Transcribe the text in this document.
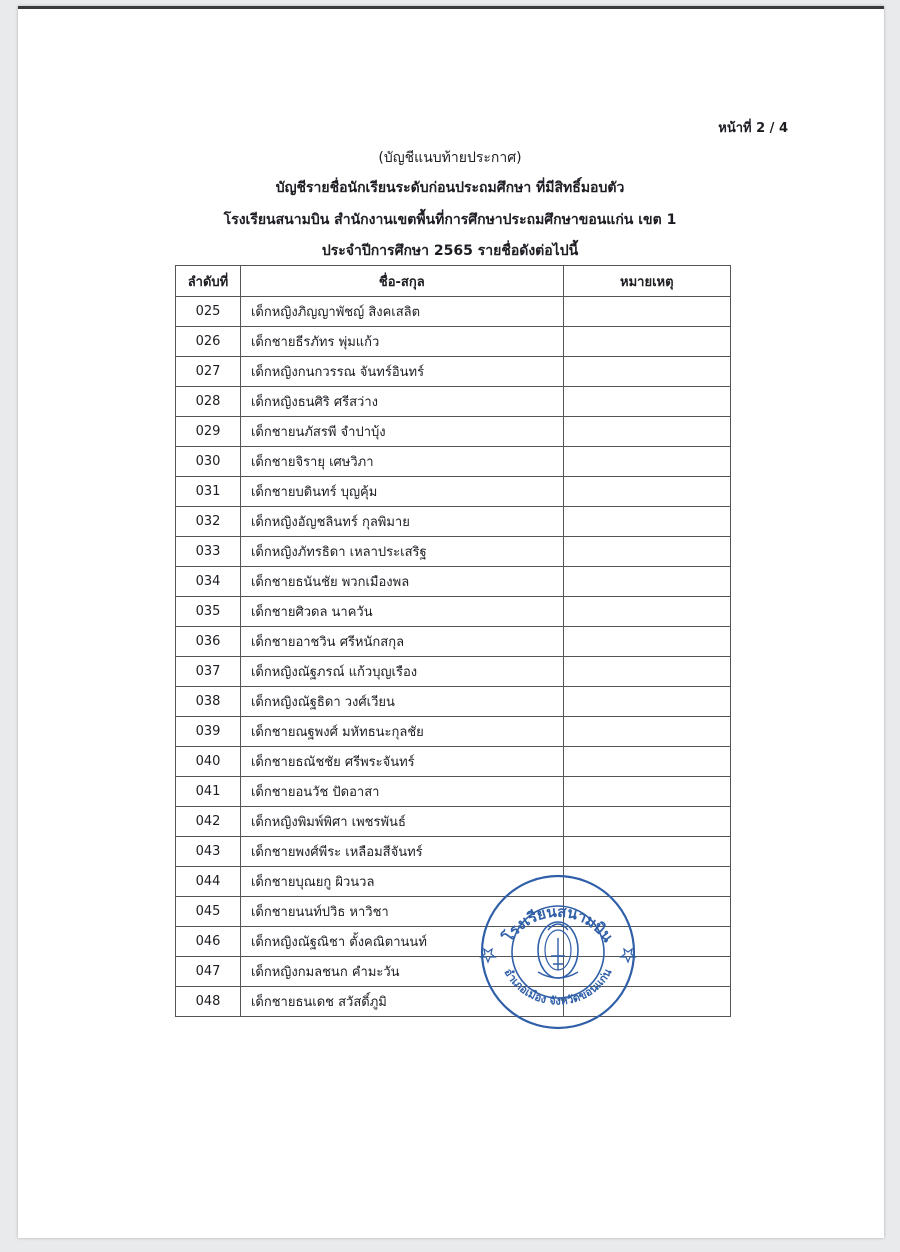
หน้าที่ 2 / 4
(บัญชีแนบท้ายประกาศ)
บัญชีรายชื่อนักเรียนระดับก่อนประถมศึกษา ที่มีสิทธิ์มอบตัว
โรงเรียนสนามบิน สำนักงานเขตพื้นที่การศึกษาประถมศึกษาขอนแก่น เขต 1
ประจำปีการศึกษา 2565 รายชื่อดังต่อไปนี้
ลำดับที่	ชื่อ-สกุล	หมายเหตุ
025	เด็กหญิงภิญญาพัชญ์ สิงคเสลิต	
026	เด็กชายธีรภัทร พุ่มแก้ว	
027	เด็กหญิงกนกวรรณ จันทร์อินทร์	
028	เด็กหญิงธนศิริ ศรีสว่าง	
029	เด็กชายนภัสรพี จำปาบุ้ง	
030	เด็กชายจิรายุ เศษวิภา	
031	เด็กชายบดินทร์ บุญคุ้ม	
032	เด็กหญิงอัญชลินทร์ กุลพิมาย	
033	เด็กหญิงภัทรธิดา เหลาประเสริฐ	
034	เด็กชายธนันชัย พวกเมืองพล	
035	เด็กชายศิวดล นาควัน	
036	เด็กชายอาชวิน ศรีหนักสกุล	
037	เด็กหญิงณัฐภรณ์ แก้วบุญเรือง	
038	เด็กหญิงณัฐธิดา วงศ์เวียน	
039	เด็กชายณฐพงศ์ มหัทธนะกุลชัย	
040	เด็กชายธณัชชัย ศรีพระจันทร์	
041	เด็กชายอนวัช ปัดอาสา	
042	เด็กหญิงพิมพ์พิศา เพชรพันธ์	
043	เด็กชายพงศ์พีระ เหลือมสีจันทร์	
044	เด็กชายบุณยกู ผิวนวล	
045	เด็กชายนนท์ปวิธ หาวิชา	
046	เด็กหญิงณัฐณิชา ตั้งคณิตานนท์	
047	เด็กหญิงกมลชนก คำมะวัน	
048	เด็กชายธนเดช สวัสดิ์ภูมิ	
โรงเรียนสนามบิน
อำเภอเมือง จังหวัดขอนแก่น
